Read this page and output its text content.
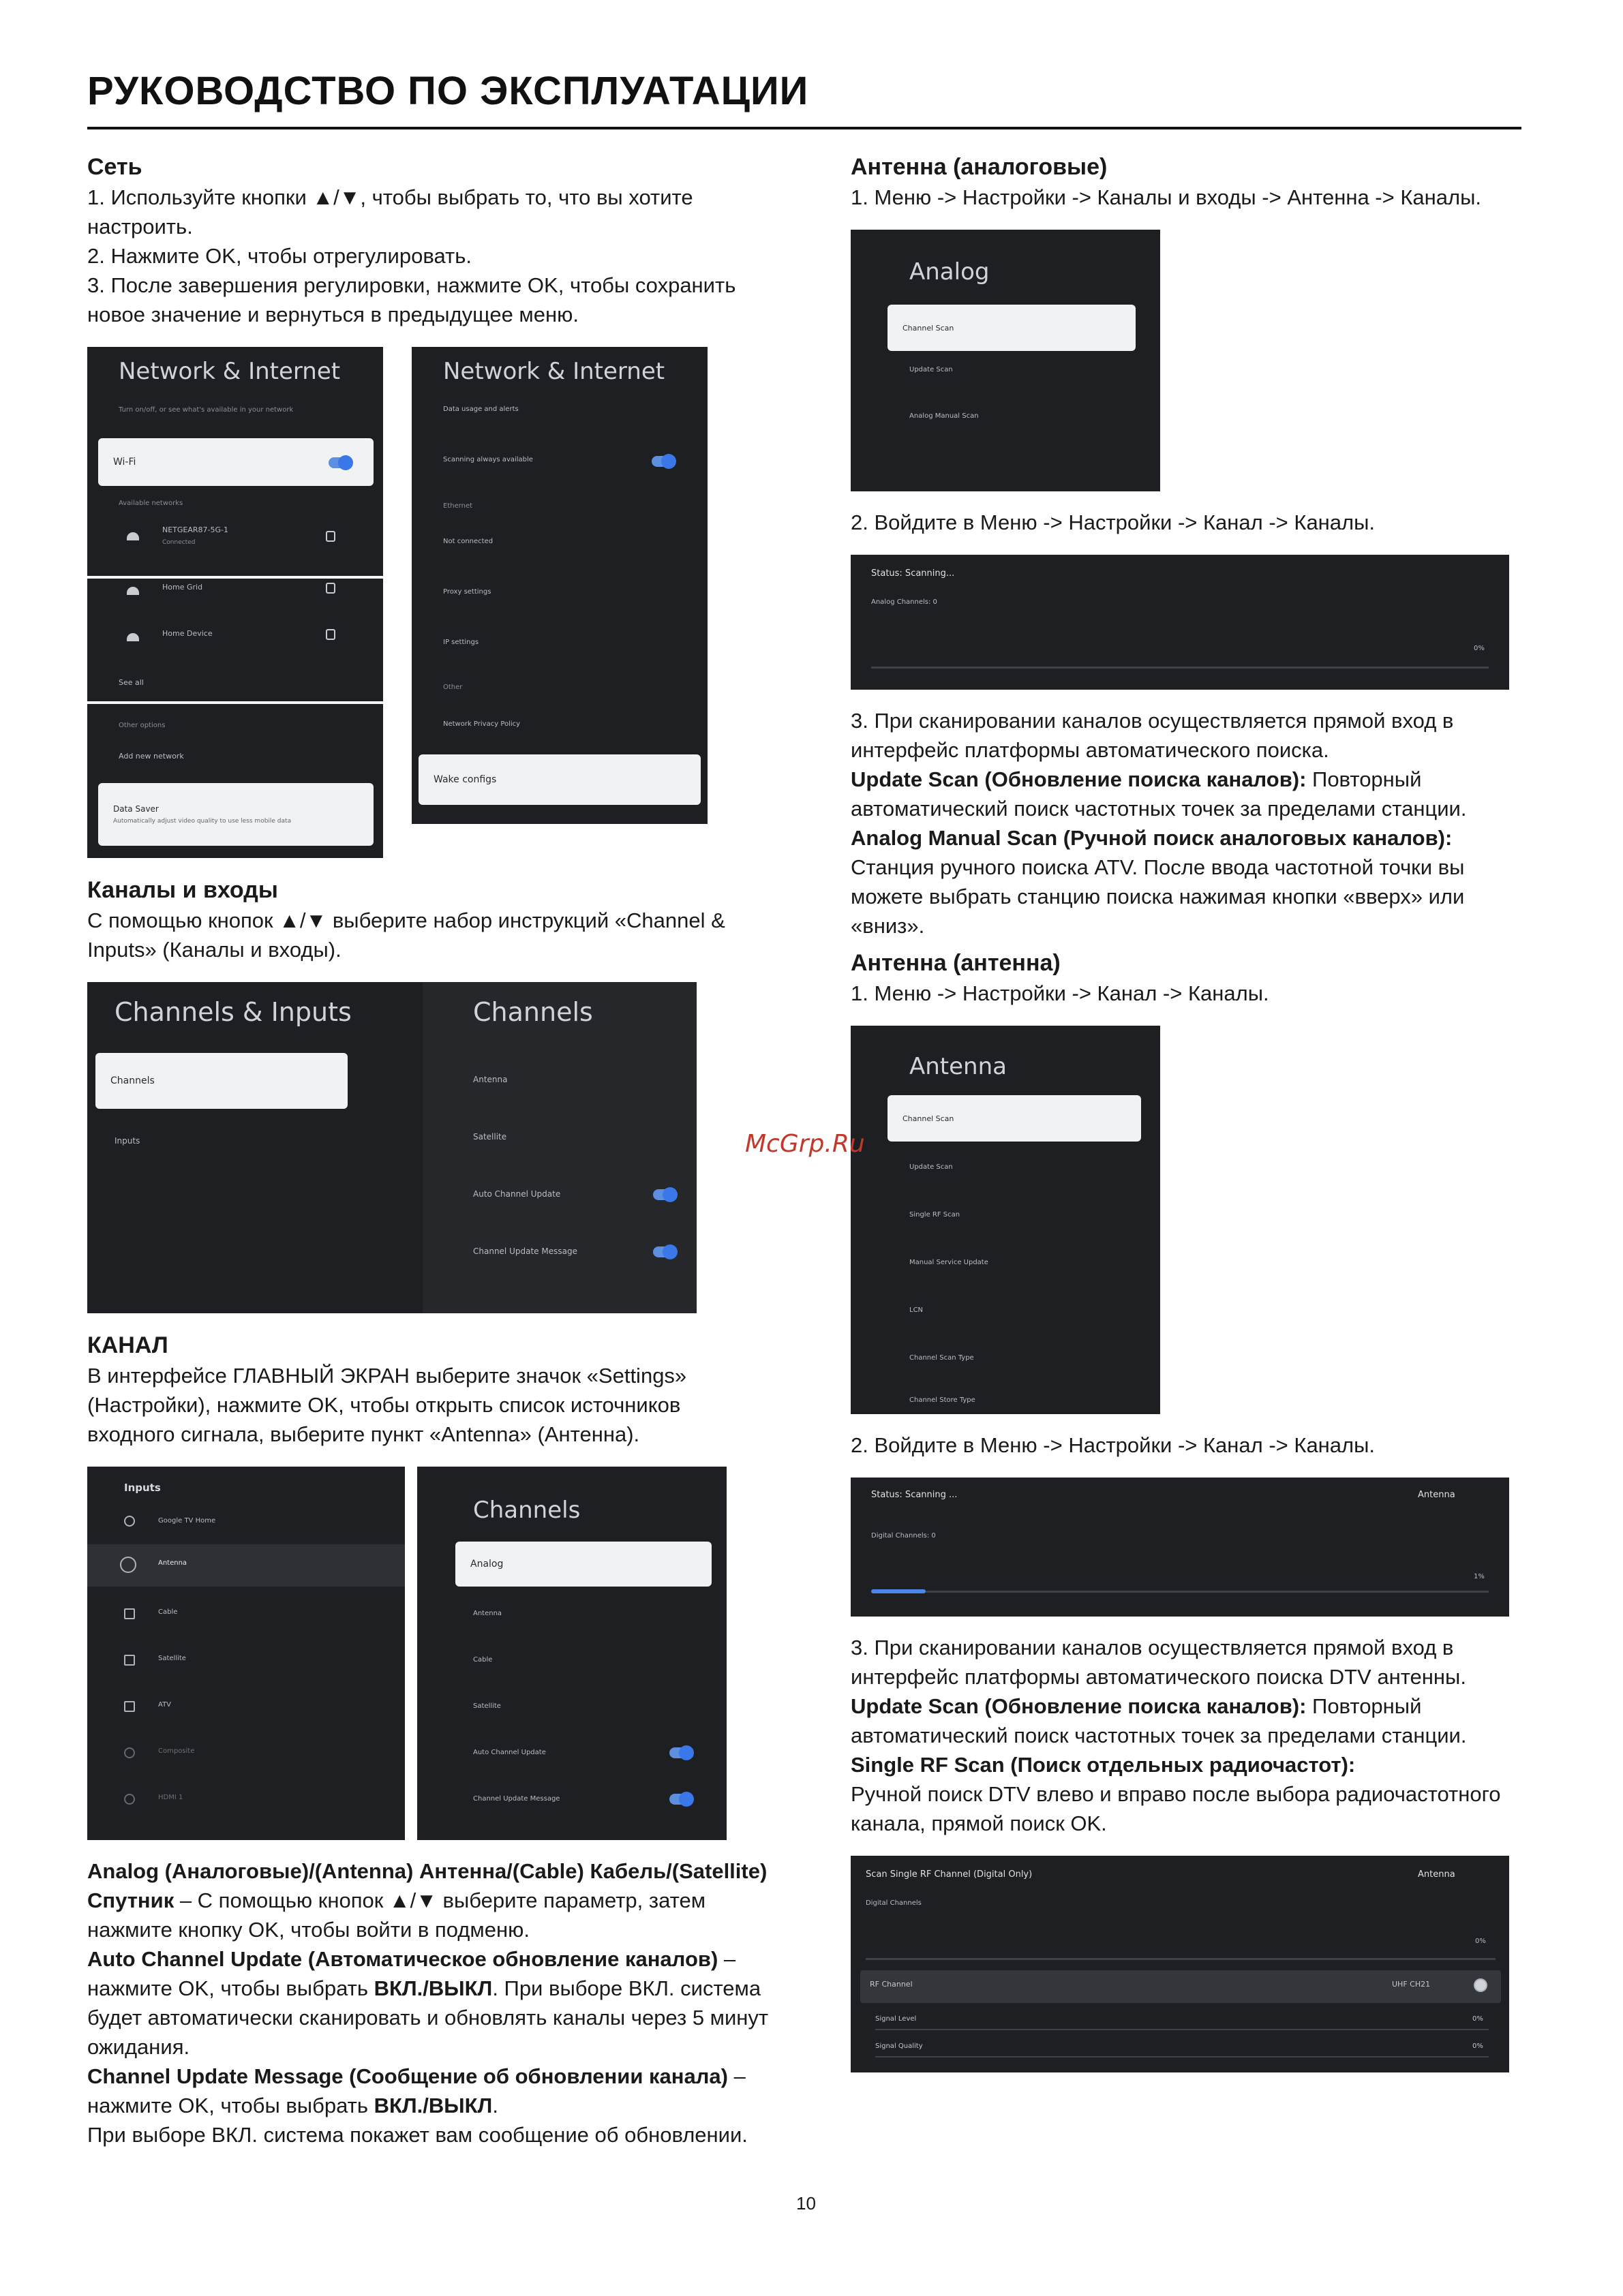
РУКОВОДСТВО ПО ЭКСПЛУАТАЦИИ
Сеть
1. Используйте кнопки ▲/▼, чтобы выбрать то, что вы хотите настроить.
2. Нажмите OK, чтобы отрегулировать.
3. После завершения регулировки, нажмите OK, чтобы сохранить новое значение и вернуться в предыдущее меню.
Network & Internet
Turn on/off, or see what's available in your network
Wi-Fi
Available networks
NETGEAR87-5G-1
Connected
Home Grid
Home Device
See all
Other options
Add new network
Data Saver
Automatically adjust video quality to use less mobile data
Network & Internet
Data usage and alerts
Scanning always available
Ethernet
Not connected
Proxy settings
IP settings
Other
Network Privacy Policy
Wake configs
Каналы и входы
С помощью кнопок ▲/▼ выберите набор инструкций «Channel & Inputs» (Каналы и входы).
Channels & Inputs
Channels
Inputs
Channels
Antenna
Satellite
Auto Channel Update
Channel Update Message
КАНАЛ
В интерфейсе ГЛАВНЫЙ ЭКРАН выберите значок «Settings» (Настройки), нажмите OK, чтобы открыть список источников входного сигнала, выберите пункт «Antenna» (Антенна).
Inputs
Google TV Home
Antenna
Cable
Satellite
ATV
Composite
HDMI 1
Channels
Analog
Antenna
Cable
Satellite
Auto Channel Update
Channel Update Message
Analog (Аналоговые)/(Antenna) Антенна/(Cable) Кабель/(Satellite) Спутник – С помощью кнопок ▲/▼ выберите параметр, затем нажмите кнопку OK, чтобы войти в подменю.
Auto Channel Update (Автоматическое обновление каналов) – нажмите OK, чтобы выбрать ВКЛ./ВЫКЛ. При выборе ВКЛ. система будет автоматически сканировать и обновлять каналы через 5 минут ожидания.
Channel Update Message (Сообщение об обновлении канала) – нажмите OK, чтобы выбрать ВКЛ./ВЫКЛ.
При выборе ВКЛ. система покажет вам сообщение об обновлении.
Антенна (аналоговые)
1. Меню -> Настройки -> Каналы и входы -> Антенна -> Каналы.
Analog
Channel Scan
Update Scan
Analog Manual Scan
2. Войдите в Меню -> Настройки -> Канал -> Каналы.
Status: Scanning...
Analog Channels: 0
0%
3. При сканировании каналов осуществляется прямой вход в интерфейс платформы автоматического поиска.
Update Scan (Обновление поиска каналов): Повторный автоматический поиск частотных точек за пределами станции.
Analog Manual Scan (Ручной поиск аналоговых каналов): Станция ручного поиска ATV. После ввода частотной точки вы можете выбрать станцию поиска нажимая кнопки «вверх» или «вниз».
Антенна (антенна)
1. Меню -> Настройки -> Канал -> Каналы.
Antenna
Channel Scan
Update Scan
Single RF Scan
Manual Service Update
LCN
Channel Scan Type
Channel Store Type
2. Войдите в Меню -> Настройки -> Канал -> Каналы.
Status: Scanning ...	Antenna
Digital Channels: 0
1%
3. При сканировании каналов осуществляется прямой вход в интерфейс платформы автоматического поиска DTV антенны.
Update Scan (Обновление поиска каналов): Повторный автоматический поиск частотных точек за пределами станции.
Single RF Scan (Поиск отдельных радиочастот):
Ручной поиск DTV влево и вправо после выбора радиочастотного канала, прямой поиск OK.
Scan Single RF Channel (Digital Only)	Antenna
Digital Channels
0%
RF Channel	UHF CH21
Signal Level	0%
Signal Quality	0%
McGrp.Ru
10
